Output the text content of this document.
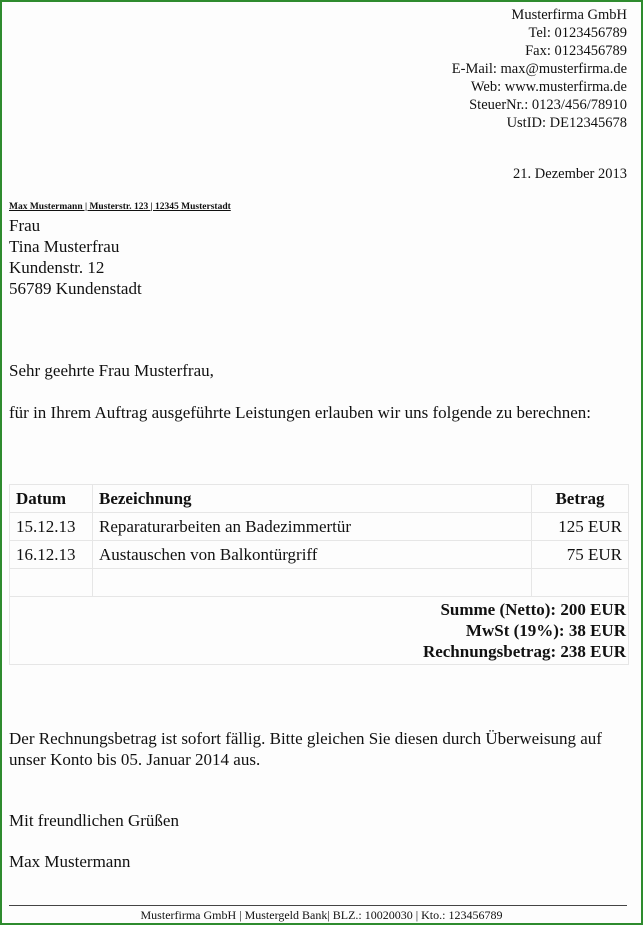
Musterfirma GmbH
Tel: 0123456789
Fax: 0123456789
E-Mail: max@musterfirma.de
Web: www.musterfirma.de
SteuerNr.: 0123/456/78910
UstID: DE12345678
21. Dezember 2013
Max Mustermann | Musterstr. 123 | 12345 Musterstadt
Frau
Tina Musterfrau
Kundenstr. 12
56789 Kundenstadt
Sehr geehrte Frau Musterfrau,
für in Ihrem Auftrag ausgeführte Leistungen erlauben wir uns folgende zu berechnen:
Datum	Bezeichnung	Betrag
15.12.13	Reparaturarbeiten an Badezimmertür	125 EUR
16.12.13	Austauschen von Balkontürgriff	75 EUR

Summe (Netto): 200 EUR
MwSt (19%): 38 EUR
Rechnungsbetrag: 238 EUR
Der Rechnungsbetrag ist sofort fällig. Bitte gleichen Sie diesen durch Überweisung auf unser Konto bis 05. Januar 2014 aus.
Mit freundlichen Grüßen
Max Mustermann
Musterfirma GmbH | Mustergeld Bank| BLZ.: 10020030 | Kto.: 123456789
